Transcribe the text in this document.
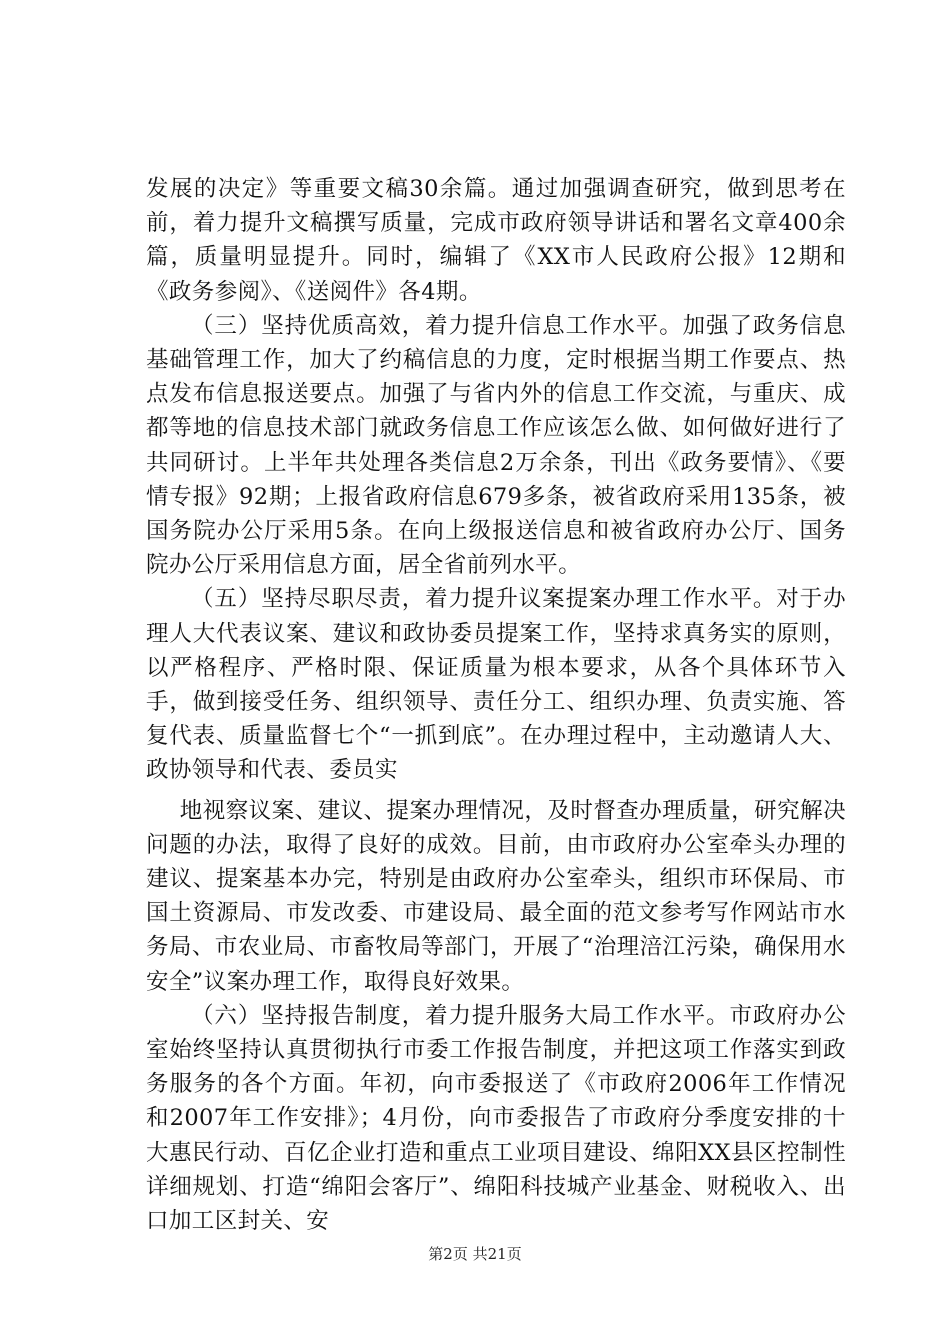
发展的决定》等重要文稿30余篇。通过加强调查研究，做到思考在前，着力提升文稿撰写质量，完成市政府领导讲话和署名文章400余篇，质量明显提升。同时，编辑了《XX市人民政府公报》12期和《政务参阅》、《送阅件》各4期。

（三）坚持优质高效，着力提升信息工作水平。加强了政务信息基础管理工作，加大了约稿信息的力度，定时根据当期工作要点、热点发布信息报送要点。加强了与省内外的信息工作交流，与重庆、成都等地的信息技术部门就政务信息工作应该怎么做、如何做好进行了共同研讨。上半年共处理各类信息2万余条，刊出《政务要情》、《要情专报》92期；上报省政府信息679多条，被省政府采用135条，被国务院办公厅采用5条。在向上级报送信息和被省政府办公厅、国务院办公厅采用信息方面，居全省前列水平。

（五）坚持尽职尽责，着力提升议案提案办理工作水平。对于办理人大代表议案、建议和政协委员提案工作，坚持求真务实的原则，以严格程序、严格时限、保证质量为根本要求，从各个具体环节入手，做到接受任务、组织领导、责任分工、组织办理、负责实施、答复代表、质量监督七个“一抓到底”。在办理过程中，主动邀请人大、政协领导和代表、委员实

地视察议案、建议、提案办理情况，及时督查办理质量，研究解决问题的办法，取得了良好的成效。目前，由市政府办公室牵头办理的建议、提案基本办完，特别是由政府办公室牵头，组织市环保局、市国土资源局、市发改委、市建设局、最全面的范文参考写作网站市水务局、市农业局、市畜牧局等部门，开展了“治理涪江污染，确保用水安全”议案办理工作，取得良好效果。

（六）坚持报告制度，着力提升服务大局工作水平。市政府办公室始终坚持认真贯彻执行市委工作报告制度，并把这项工作落实到政务服务的各个方面。年初，向市委报送了《市政府2006年工作情况和2007年工作安排》；4月份，向市委报告了市政府分季度安排的十大惠民行动、百亿企业打造和重点工业项目建设、绵阳XX县区控制性详细规划、打造“绵阳会客厅”、绵阳科技城产业基金、财税收入、出口加工区封关、安

第2页 共21页
